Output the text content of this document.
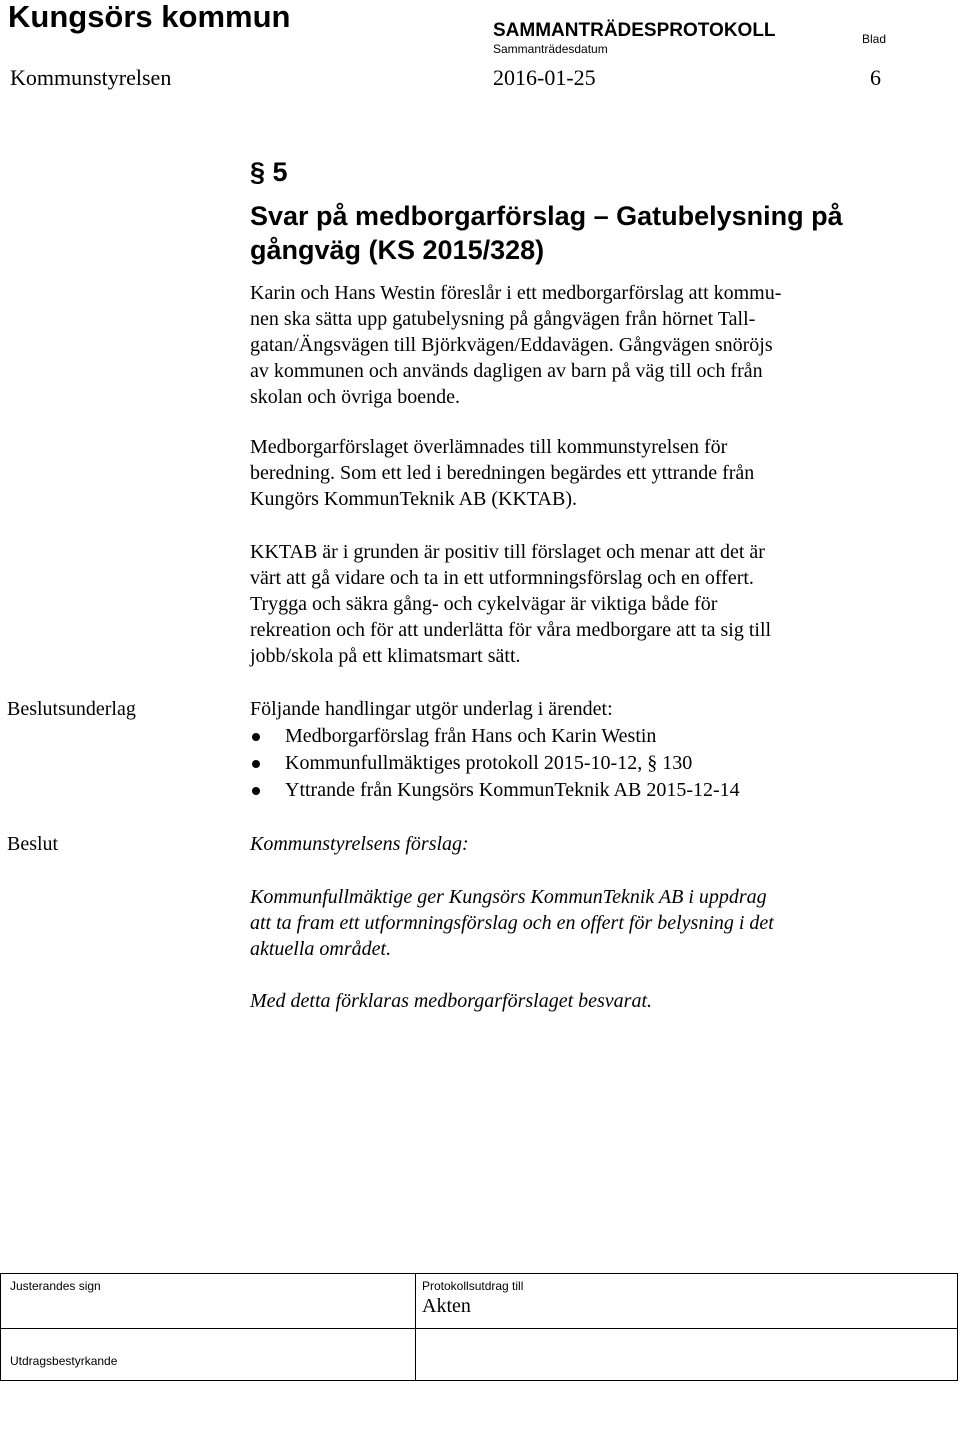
Kungsörs kommun	SAMMANTRÄDESPROTOKOLL
Sammanträdesdatum
Blad
Kommunstyrelsen	2016-01-25	6
§ 5
Svar på medborgarförslag – Gatubelysning på gångväg (KS 2015/328)
Karin och Hans Westin föreslår i ett medborgarförslag att kommu-
nen ska sätta upp gatubelysning på gångvägen från hörnet Tall-
gatan/Ängsvägen till Björkvägen/Eddavägen. Gångvägen snöröjs
av kommunen och används dagligen av barn på väg till och från
skolan och övriga boende.
Medborgarförslaget överlämnades till kommunstyrelsen för
beredning. Som ett led i beredningen begärdes ett yttrande från
Kungörs KommunTeknik AB (KKTAB).
KKTAB är i grunden är positiv till förslaget och menar att det är
värt att gå vidare och ta in ett utformningsförslag och en offert.
Trygga och säkra gång- och cykelvägar är viktiga både för
rekreation och för att underlätta för våra medborgare att ta sig till
jobb/skola på ett klimatsmart sätt.
Beslutsunderlag	Följande handlingar utgör underlag i ärendet:
Medborgarförslag från Hans och Karin Westin
Kommunfullmäktiges protokoll 2015-10-12, § 130
Yttrande från Kungsörs KommunTeknik AB 2015-12-14
Beslut	Kommunstyrelsens förslag:
Kommunfullmäktige ger Kungsörs KommunTeknik AB i uppdrag
att ta fram ett utformningsförslag och en offert för belysning i det
aktuella området.
Med detta förklaras medborgarförslaget besvarat.
Justerandes sign	Protokollsutdrag till
Akten
Utdragsbestyrkande
